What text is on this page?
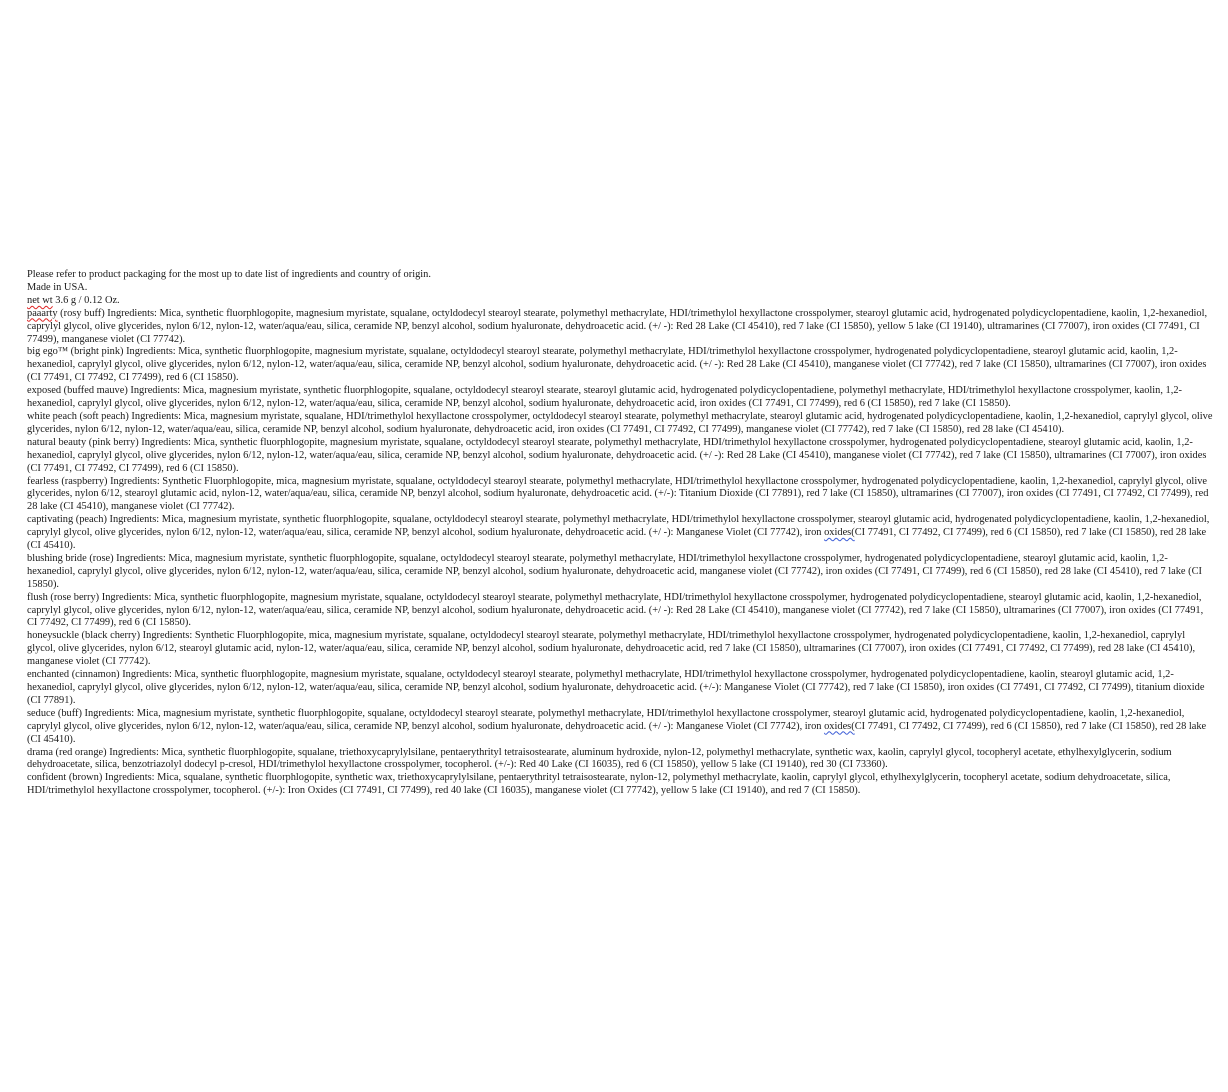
Please refer to product packaging for the most up to date list of ingredients and country of origin.

Made in USA.

net wt 3.6 g / 0.12 Oz.

paaarty (rosy buff) Ingredients: Mica, synthetic fluorphlogopite, magnesium myristate, squalane, octyldodecyl stearoyl stearate, polymethyl methacrylate, HDI/trimethylol hexyllactone crosspolymer, stearoyl glutamic acid, hydrogenated polydicyclopentadiene, kaolin, 1,2-hexanediol, caprylyl glycol, olive glycerides, nylon 6/12, nylon-12, water/aqua/eau, silica, ceramide NP, benzyl alcohol, sodium hyaluronate, dehydroacetic acid. (+/ -): Red 28 Lake (CI 45410), red 7 lake (CI 15850), yellow 5 lake (CI 19140), ultramarines (CI 77007), iron oxides (CI 77491, CI 77499), manganese violet (CI 77742).

big ego™ (bright pink) Ingredients: Mica, synthetic fluorphlogopite, magnesium myristate, squalane, octyldodecyl stearoyl stearate, polymethyl methacrylate, HDI/trimethylol hexyllactone crosspolymer, hydrogenated polydicyclopentadiene, stearoyl glutamic acid, kaolin, 1,2-hexanediol, caprylyl glycol, olive glycerides, nylon 6/12, nylon-12, water/aqua/eau, silica, ceramide NP, benzyl alcohol, sodium hyaluronate, dehydroacetic acid. (+/ -): Red 28 Lake (CI 45410), manganese violet (CI 77742), red 7 lake (CI 15850), ultramarines (CI 77007), iron oxides (CI 77491, CI 77492, CI 77499), red 6 (CI 15850).

exposed (buffed mauve) Ingredients: Mica, magnesium myristate, synthetic fluorphlogopite, squalane, octyldodecyl stearoyl stearate, stearoyl glutamic acid, hydrogenated polydicyclopentadiene, polymethyl methacrylate, HDI/trimethylol hexyllactone crosspolymer, kaolin, 1,2-hexanediol, caprylyl glycol, olive glycerides, nylon 6/12, nylon-12, water/aqua/eau, silica, ceramide NP, benzyl alcohol, sodium hyaluronate, dehydroacetic acid, iron oxides (CI 77491, CI 77499), red 6 (CI 15850), red 7 lake (CI 15850).

white peach (soft peach) Ingredients: Mica, magnesium myristate, squalane, HDI/trimethylol hexyllactone crosspolymer, octyldodecyl stearoyl stearate, polymethyl methacrylate, stearoyl glutamic acid, hydrogenated polydicyclopentadiene, kaolin, 1,2-hexanediol, caprylyl glycol, olive glycerides, nylon 6/12, nylon-12, water/aqua/eau, silica, ceramide NP, benzyl alcohol, sodium hyaluronate, dehydroacetic acid, iron oxides (CI 77491, CI 77492, CI 77499), manganese violet (CI 77742), red 7 lake (CI 15850), red 28 lake (CI 45410).

natural beauty (pink berry) Ingredients: Mica, synthetic fluorphlogopite, magnesium myristate, squalane, octyldodecyl stearoyl stearate, polymethyl methacrylate, HDI/trimethylol hexyllactone crosspolymer, hydrogenated polydicyclopentadiene, stearoyl glutamic acid, kaolin, 1,2-hexanediol, caprylyl glycol, olive glycerides, nylon 6/12, nylon-12, water/aqua/eau, silica, ceramide NP, benzyl alcohol, sodium hyaluronate, dehydroacetic acid. (+/ -): Red 28 Lake (CI 45410), manganese violet (CI 77742), red 7 lake (CI 15850), ultramarines (CI 77007), iron oxides (CI 77491, CI 77492, CI 77499), red 6 (CI 15850).

fearless (raspberry) Ingredients: Synthetic Fluorphlogopite, mica, magnesium myristate, squalane, octyldodecyl stearoyl stearate, polymethyl methacrylate, HDI/trimethylol hexyllactone crosspolymer, hydrogenated polydicyclopentadiene, kaolin, 1,2-hexanediol, caprylyl glycol, olive glycerides, nylon 6/12, stearoyl glutamic acid, nylon-12, water/aqua/eau, silica, ceramide NP, benzyl alcohol, sodium hyaluronate, dehydroacetic acid. (+/-): Titanium Dioxide (CI 77891), red 7 lake (CI 15850), ultramarines (CI 77007), iron oxides (CI 77491, CI 77492, CI 77499), red 28 lake (CI 45410), manganese violet (CI 77742).

captivating (peach) Ingredients: Mica, magnesium myristate, synthetic fluorphlogopite, squalane, octyldodecyl stearoyl stearate, polymethyl methacrylate, HDI/trimethylol hexyllactone crosspolymer, stearoyl glutamic acid, hydrogenated polydicyclopentadiene, kaolin, 1,2-hexanediol, caprylyl glycol, olive glycerides, nylon 6/12, nylon-12, water/aqua/eau, silica, ceramide NP, benzyl alcohol, sodium hyaluronate, dehydroacetic acid. (+/ -): Manganese Violet (CI 77742), iron oxides(CI 77491, CI 77492, CI 77499), red 6 (CI 15850), red 7 lake (CI 15850), red 28 lake (CI 45410).

blushing bride (rose) Ingredients: Mica, magnesium myristate, synthetic fluorphlogopite, squalane, octyldodecyl stearoyl stearate, polymethyl methacrylate, HDI/trimethylol hexyllactone crosspolymer, hydrogenated polydicyclopentadiene, stearoyl glutamic acid, kaolin, 1,2-hexanediol, caprylyl glycol, olive glycerides, nylon 6/12, nylon-12, water/aqua/eau, silica, ceramide NP, benzyl alcohol, sodium hyaluronate, dehydroacetic acid, manganese violet (CI 77742), iron oxides (CI 77491, CI 77499), red 6 (CI 15850), red 28 lake (CI 45410), red 7 lake (CI 15850).

flush (rose berry) Ingredients: Mica, synthetic fluorphlogopite, magnesium myristate, squalane, octyldodecyl stearoyl stearate, polymethyl methacrylate, HDI/trimethylol hexyllactone crosspolymer, hydrogenated polydicyclopentadiene, stearoyl glutamic acid, kaolin, 1,2-hexanediol, caprylyl glycol, olive glycerides, nylon 6/12, nylon-12, water/aqua/eau, silica, ceramide NP, benzyl alcohol, sodium hyaluronate, dehydroacetic acid. (+/ -): Red 28 Lake (CI 45410), manganese violet (CI 77742), red 7 lake (CI 15850), ultramarines (CI 77007), iron oxides (CI 77491, CI 77492, CI 77499), red 6 (CI 15850).

honeysuckle (black cherry) Ingredients: Synthetic Fluorphlogopite, mica, magnesium myristate, squalane, octyldodecyl stearoyl stearate, polymethyl methacrylate, HDI/trimethylol hexyllactone crosspolymer, hydrogenated polydicyclopentadiene, kaolin, 1,2-hexanediol, caprylyl glycol, olive glycerides, nylon 6/12, stearoyl glutamic acid, nylon-12, water/aqua/eau, silica, ceramide NP, benzyl alcohol, sodium hyaluronate, dehydroacetic acid, red 7 lake (CI 15850), ultramarines (CI 77007), iron oxides (CI 77491, CI 77492, CI 77499), red 28 lake (CI 45410), manganese violet (CI 77742).

enchanted (cinnamon) Ingredients: Mica, synthetic fluorphlogopite, magnesium myristate, squalane, octyldodecyl stearoyl stearate, polymethyl methacrylate, HDI/trimethylol hexyllactone crosspolymer, hydrogenated polydicyclopentadiene, kaolin, stearoyl glutamic acid, 1,2-hexanediol, caprylyl glycol, olive glycerides, nylon 6/12, nylon-12, water/aqua/eau, silica, ceramide NP, benzyl alcohol, sodium hyaluronate, dehydroacetic acid. (+/-): Manganese Violet (CI 77742), red 7 lake (CI 15850), iron oxides (CI 77491, CI 77492, CI 77499), titanium dioxide (CI 77891).

seduce (buff) Ingredients: Mica, magnesium myristate, synthetic fluorphlogopite, squalane, octyldodecyl stearoyl stearate, polymethyl methacrylate, HDI/trimethylol hexyllactone crosspolymer, stearoyl glutamic acid, hydrogenated polydicyclopentadiene, kaolin, 1,2-hexanediol, caprylyl glycol, olive glycerides, nylon 6/12, nylon-12, water/aqua/eau, silica, ceramide NP, benzyl alcohol, sodium hyaluronate, dehydroacetic acid. (+/ -): Manganese Violet (CI 77742), iron oxides(CI 77491, CI 77492, CI 77499), red 6 (CI 15850), red 7 lake (CI 15850), red 28 lake (CI 45410).

drama (red orange) Ingredients: Mica, synthetic fluorphlogopite, squalane, triethoxycaprylylsilane, pentaerythrityl tetraisostearate, aluminum hydroxide, nylon-12, polymethyl methacrylate, synthetic wax, kaolin, caprylyl glycol, tocopheryl acetate, ethylhexylglycerin, sodium dehydroacetate, silica, benzotriazolyl dodecyl p-cresol, HDI/trimethylol hexyllactone crosspolymer, tocopherol. (+/-): Red 40 Lake (CI 16035), red 6 (CI 15850), yellow 5 lake (CI 19140), red 30 (CI 73360).

confident (brown) Ingredients: Mica, squalane, synthetic fluorphlogopite, synthetic wax, triethoxycaprylylsilane, pentaerythrityl tetraisostearate, nylon-12, polymethyl methacrylate, kaolin, caprylyl glycol, ethylhexylglycerin, tocopheryl acetate, sodium dehydroacetate, silica, HDI/trimethylol hexyllactone crosspolymer, tocopherol. (+/-): Iron Oxides (CI 77491, CI 77499), red 40 lake (CI 16035), manganese violet (CI 77742), yellow 5 lake (CI 19140), and red 7 (CI 15850).
